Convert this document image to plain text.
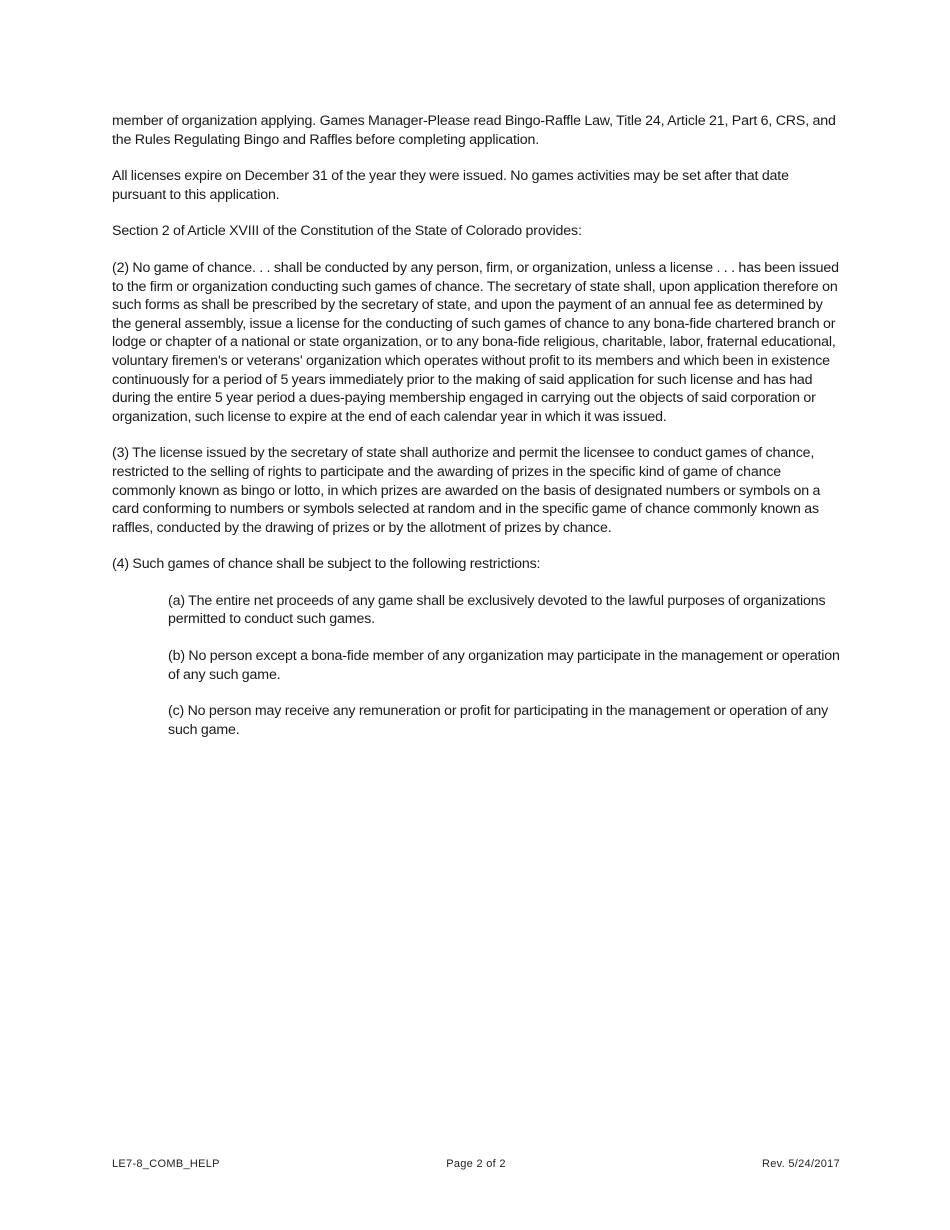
member of organization applying. Games Manager-Please read Bingo-Raffle Law, Title 24, Article 21, Part 6, CRS, and the Rules Regulating Bingo and Raffles before completing application.

All licenses expire on December 31 of the year they were issued. No games activities may be set after that date pursuant to this application.

Section 2 of Article XVIII of the Constitution of the State of Colorado provides:

(2) No game of chance. . . shall be conducted by any person, firm, or organization, unless a license . . . has been issued to the firm or organization conducting such games of chance. The secretary of state shall, upon application therefore on such forms as shall be prescribed by the secretary of state, and upon the payment of an annual fee as determined by the general assembly, issue a license for the conducting of such games of chance to any bona-fide chartered branch or lodge or chapter of a national or state organization, or to any bona-fide religious, charitable, labor, fraternal educational, voluntary firemen's or veterans' organization which operates without profit to its members and which been in existence continuously for a period of 5 years immediately prior to the making of said application for such license and has had during the entire 5 year period a dues-paying membership engaged in carrying out the objects of said corporation or organization, such license to expire at the end of each calendar year in which it was issued.

(3) The license issued by the secretary of state shall authorize and permit the licensee to conduct games of chance, restricted to the selling of rights to participate and the awarding of prizes in the specific kind of game of chance commonly known as bingo or lotto, in which prizes are awarded on the basis of designated numbers or symbols on a card conforming to numbers or symbols selected at random and in the specific game of chance commonly known as raffles, conducted by the drawing of prizes or by the allotment of prizes by chance.

(4) Such games of chance shall be subject to the following restrictions:

(a) The entire net proceeds of any game shall be exclusively devoted to the lawful purposes of organizations permitted to conduct such games.

(b) No person except a bona-fide member of any organization may participate in the management or operation of any such game.

(c) No person may receive any remuneration or profit for participating in the management or operation of any such game.

LE7-8_COMB_HELP	Page 2 of 2	Rev. 5/24/2017
